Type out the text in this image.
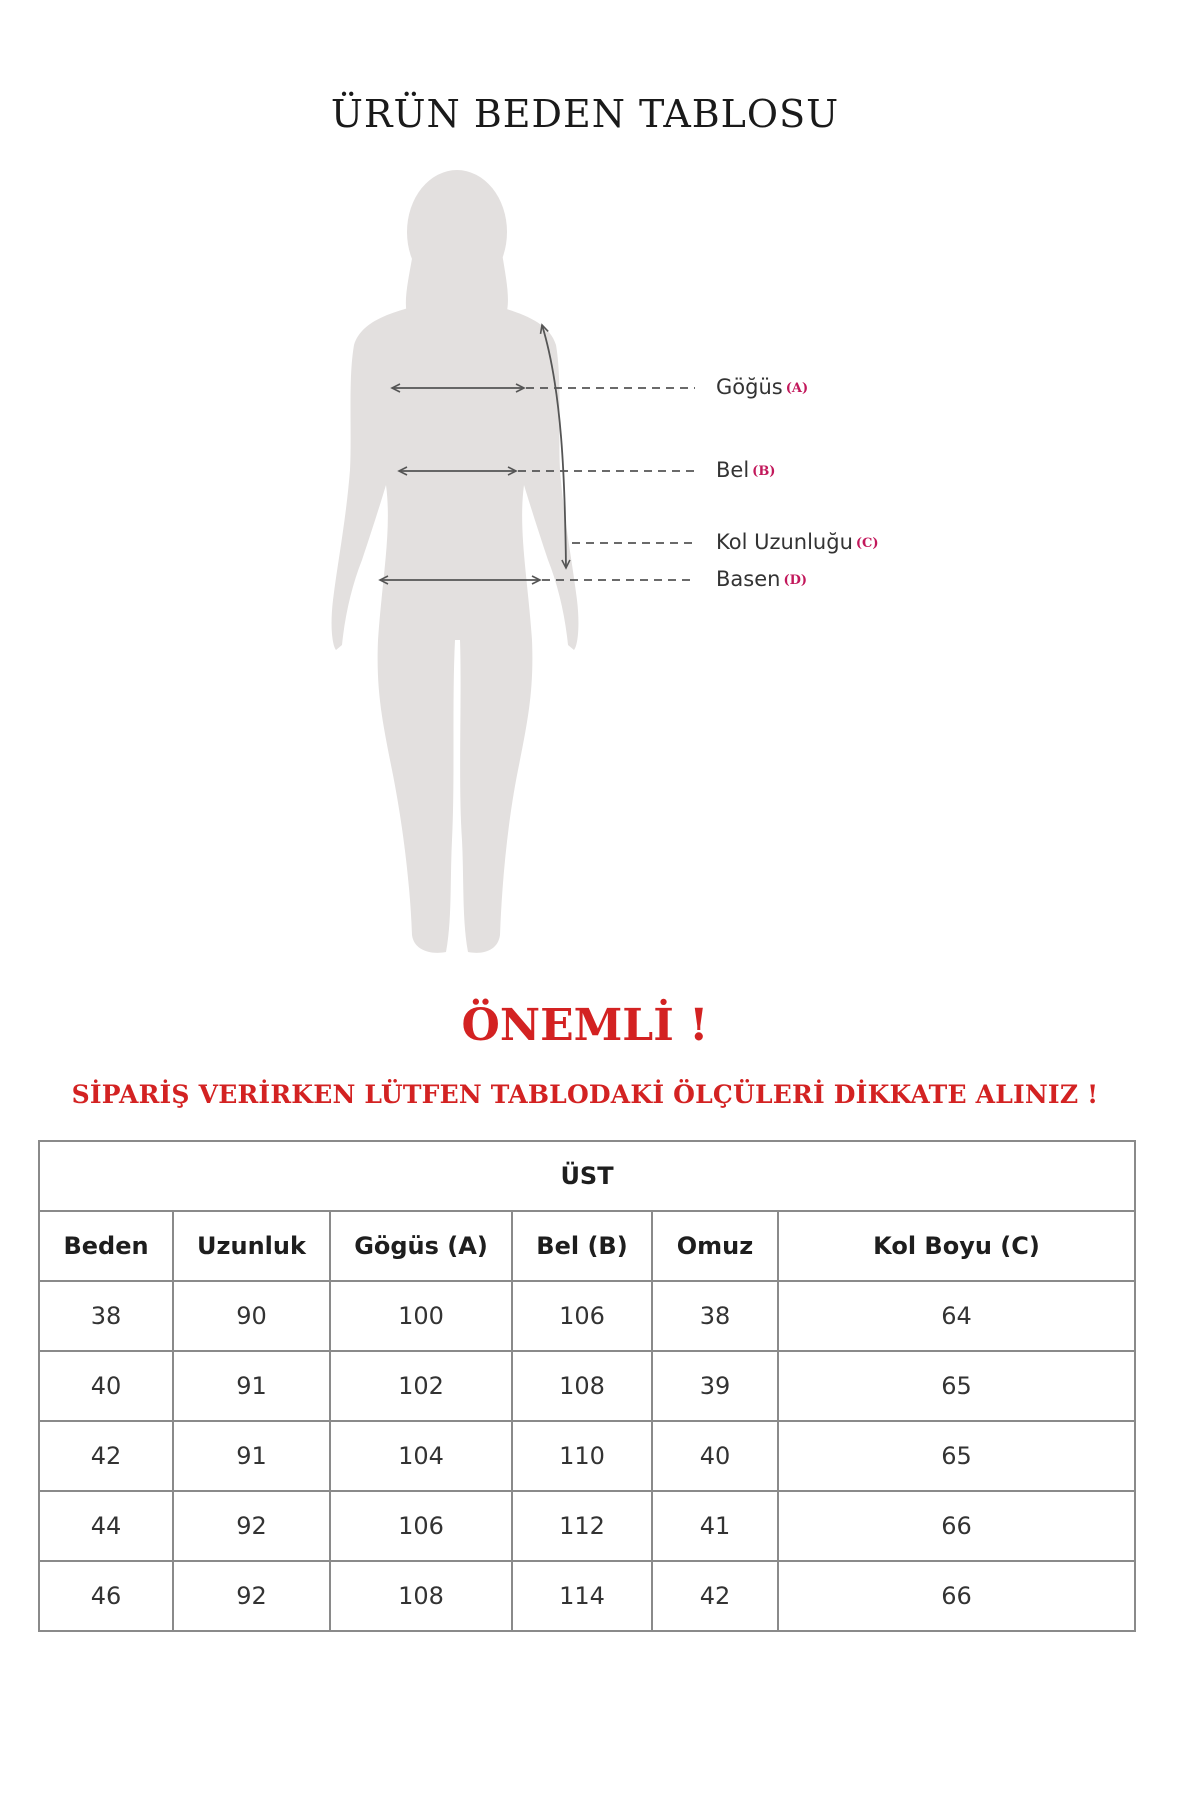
ÜRÜN BEDEN TABLOSU
Göğüs (A)
Bel (B)
Kol Uzunluğu (C)
Basen (D)
ÖNEMLİ !
SİPARİŞ VERİRKEN LÜTFEN TABLODAKİ ÖLÇÜLERİ DİKKATE ALINIZ !
ÜST					
Beden	Uzunluk	Gögüs (A)	Bel (B)	Omuz	Kol Boyu (C)
38	90	100	106	38	64
40	91	102	108	39	65
42	91	104	110	40	65
44	92	106	112	41	66
46	92	108	114	42	66
